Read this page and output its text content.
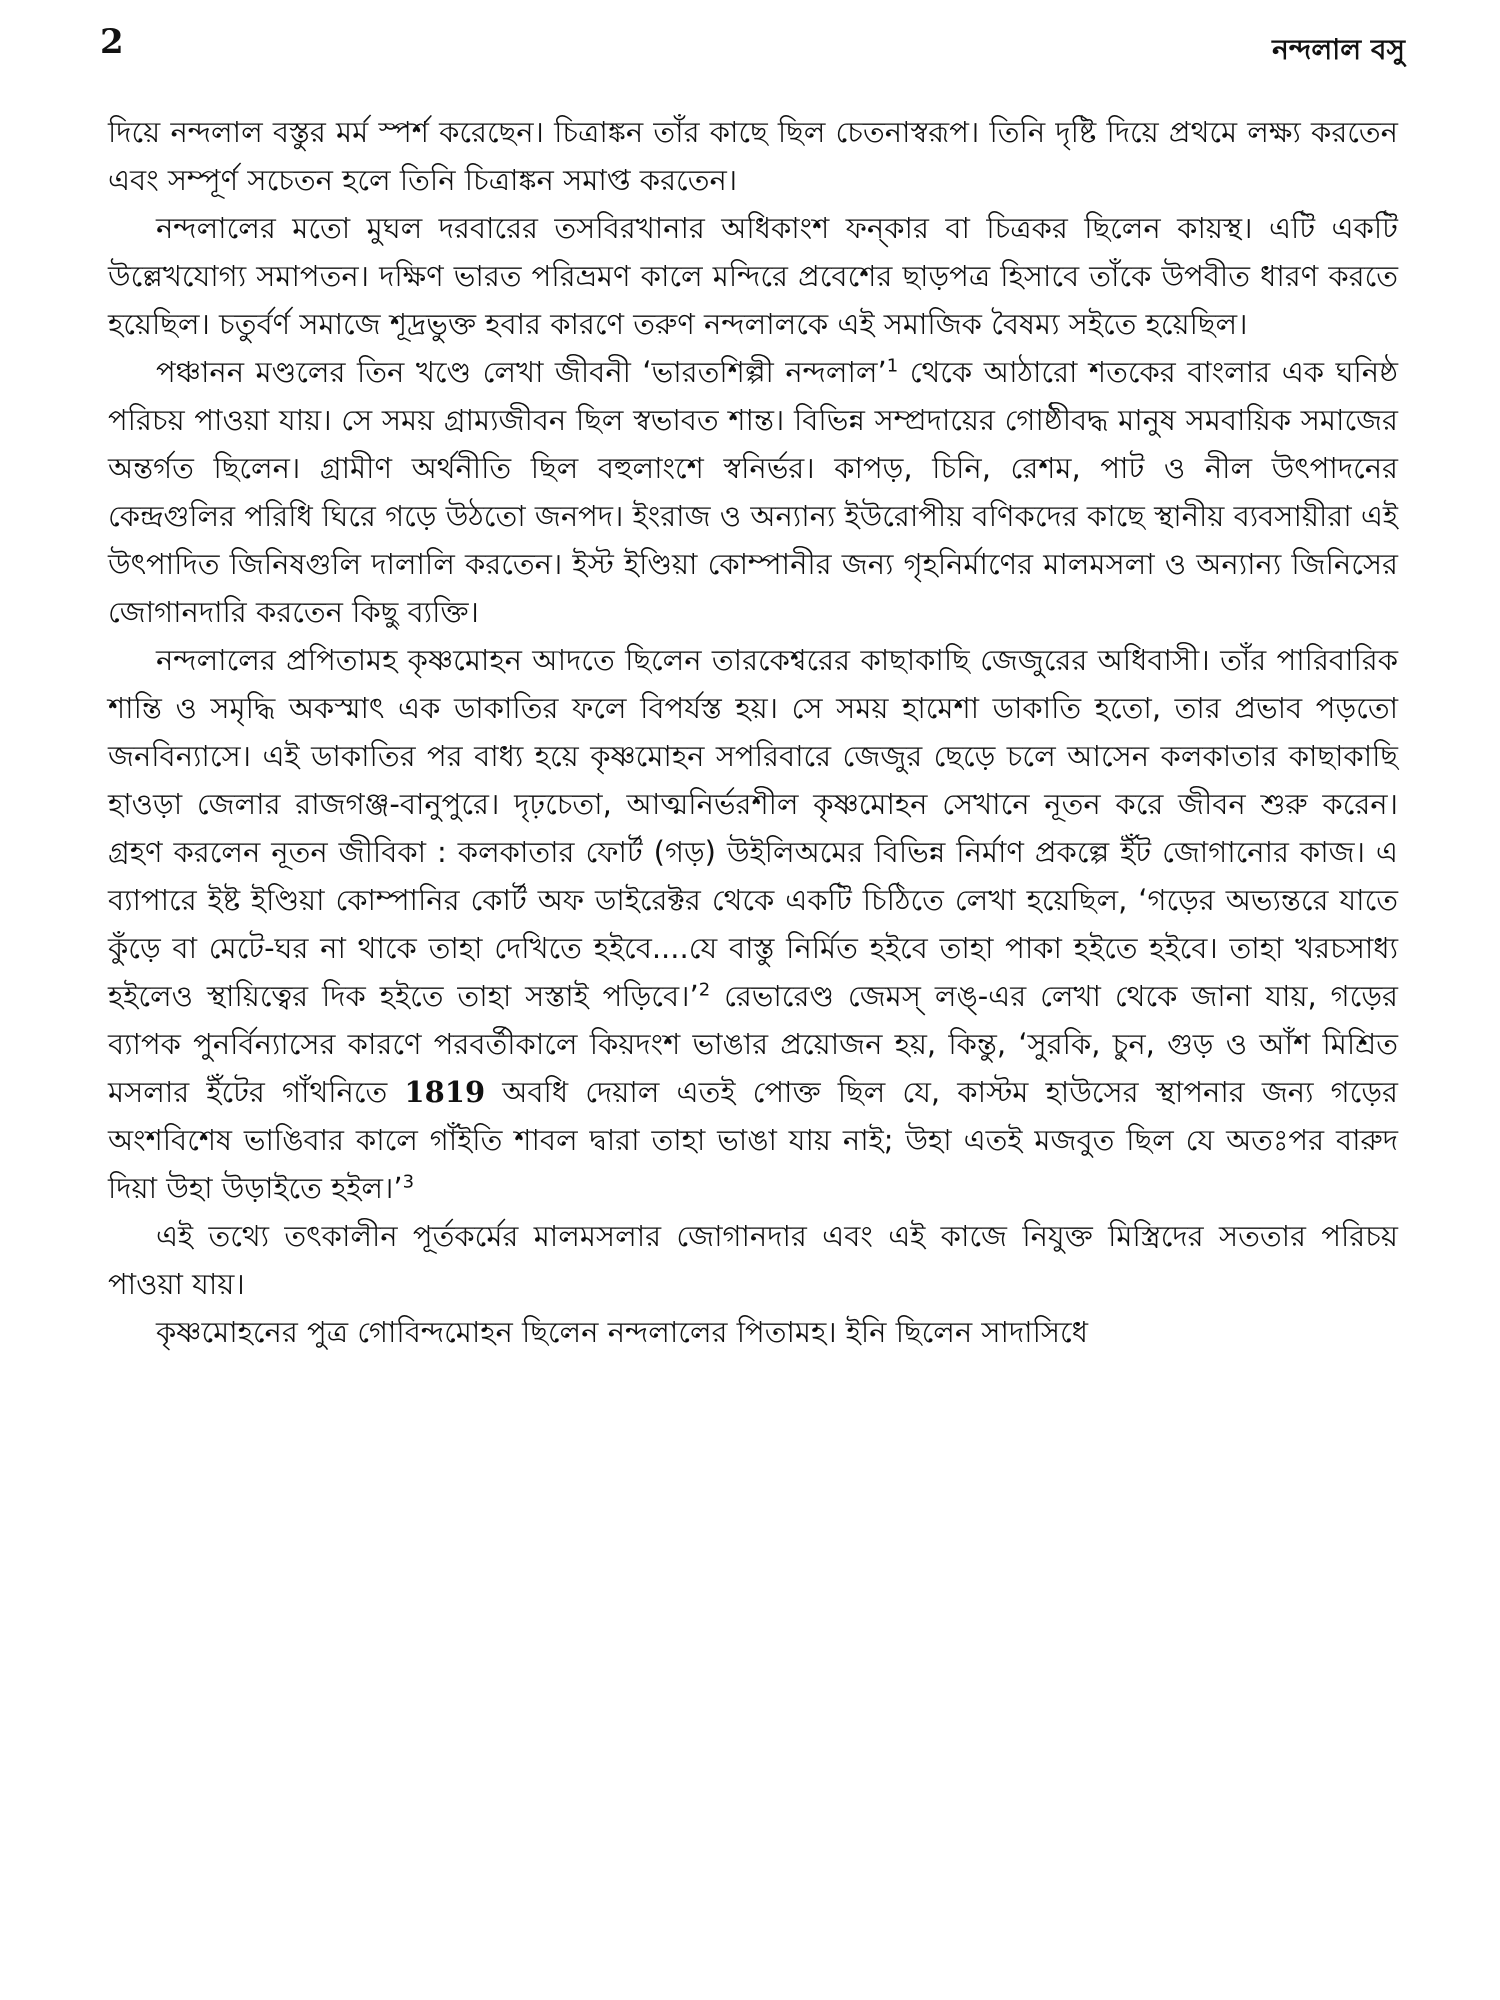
2	নন্দলাল বসু

দিয়ে নন্দলাল বস্তুর মর্ম স্পর্শ করেছেন। চিত্রাঙ্কন তাঁর কাছে ছিল চেতনাস্বরূপ। তিনি দৃষ্টি দিয়ে প্রথমে লক্ষ্য করতেন এবং সম্পূর্ণ সচেতন হলে তিনি চিত্রাঙ্কন সমাপ্ত করতেন।

নন্দলালের মতো মুঘল দরবারের তসবিরখানার অধিকাংশ ফন্‌কার বা চিত্রকর ছিলেন কায়স্থ। এটি একটি উল্লেখযোগ্য সমাপতন। দক্ষিণ ভারত পরিভ্রমণ কালে মন্দিরে প্রবেশের ছাড়পত্র হিসাবে তাঁকে উপবীত ধারণ করতে হয়েছিল। চতুর্বর্ণ সমাজে শূদ্রভুক্ত হবার কারণে তরুণ নন্দলালকে এই সমাজিক বৈষম্য সইতে হয়েছিল।

পঞ্চানন মণ্ডলের তিন খণ্ডে লেখা জীবনী ‘ভারতশিল্পী নন্দলাল’$^1$ থেকে আঠারো শতকের বাংলার এক ঘনিষ্ঠ পরিচয় পাওয়া যায়। সে সময় গ্রাম্যজীবন ছিল স্বভাবত শান্ত। বিভিন্ন সম্প্রদায়ের গোষ্ঠীবদ্ধ মানুষ সমবায়িক সমাজের অন্তর্গত ছিলেন। গ্রামীণ অর্থনীতি ছিল বহুলাংশে স্বনির্ভর। কাপড়, চিনি, রেশম, পাট ও নীল উৎপাদনের কেন্দ্রগুলির পরিধি ঘিরে গড়ে উঠতো জনপদ। ইংরাজ ও অন্যান্য ইউরোপীয় বণিকদের কাছে স্থানীয় ব্যবসায়ীরা এই উৎপাদিত জিনিষগুলি দালালি করতেন। ইস্ট ইণ্ডিয়া কোম্পানীর জন্য গৃহনির্মাণের মালমসলা ও অন্যান্য জিনিসের জোগানদারি করতেন কিছু ব্যক্তি।

নন্দলালের প্রপিতামহ কৃষ্ণমোহন আদতে ছিলেন তারকেশ্বরের কাছাকাছি জেজুরের অধিবাসী। তাঁর পারিবারিক শান্তি ও সমৃদ্ধি অকস্মাৎ এক ডাকাতির ফলে বিপর্যস্ত হয়। সে সময় হামেশা ডাকাতি হতো, তার প্রভাব পড়তো জনবিন্যাসে। এই ডাকাতির পর বাধ্য হয়ে কৃষ্ণমোহন সপরিবারে জেজুর ছেড়ে চলে আসেন কলকাতার কাছাকাছি হাওড়া জেলার রাজগঞ্জ-বানুপুরে। দৃঢ়চেতা, আত্মনির্ভরশীল কৃষ্ণমোহন সেখানে নূতন করে জীবন শুরু করেন। গ্রহণ করলেন নূতন জীবিকা : কলকাতার ফোর্ট (গড়) উইলিঅমের বিভিন্ন নির্মাণ প্রকল্পে ইঁট জোগানোর কাজ। এ ব্যাপারে ইষ্ট ইণ্ডিয়া কোম্পানির কোর্ট অফ ডাইরেক্টর থেকে একটি চিঠিতে লেখা হয়েছিল, ‘গড়ের অভ্যন্তরে যাতে কুঁড়ে বা মেটে-ঘর না থাকে তাহা দেখিতে হইবে....যে বাস্তু নির্মিত হইবে তাহা পাকা হইতে হইবে। তাহা খরচসাধ্য হইলেও স্থায়িত্বের দিক হইতে তাহা সস্তাই পড়িবে।’$^2$ রেভারেণ্ড জেমস্ লঙ্-এর লেখা থেকে জানা যায়, গড়ের ব্যাপক পুনর্বিন্যাসের কারণে পরবর্তীকালে কিয়দংশ ভাঙার প্রয়োজন হয়, কিন্তু, ‘সুরকি, চুন, গুড় ও আঁশ মিশ্রিত মসলার ইঁটের গাঁথনিতে 1819 অবধি দেয়াল এতই পোক্ত ছিল যে, কাস্টম হাউসের স্থাপনার জন্য গড়ের অংশবিশেষ ভাঙিবার কালে গাঁইতি শাবল দ্বারা তাহা ভাঙা যায় নাই; উহা এতই মজবুত ছিল যে অতঃপর বারুদ দিয়া উহা উড়াইতে হইল।’$^3$

এই তথ্যে তৎকালীন পূর্তকর্মের মালমসলার জোগানদার এবং এই কাজে নিযুক্ত মিস্ত্রিদের সততার পরিচয় পাওয়া যায়।

কৃষ্ণমোহনের পুত্র গোবিন্দমোহন ছিলেন নন্দলালের পিতামহ। ইনি ছিলেন সাদাসিধে
